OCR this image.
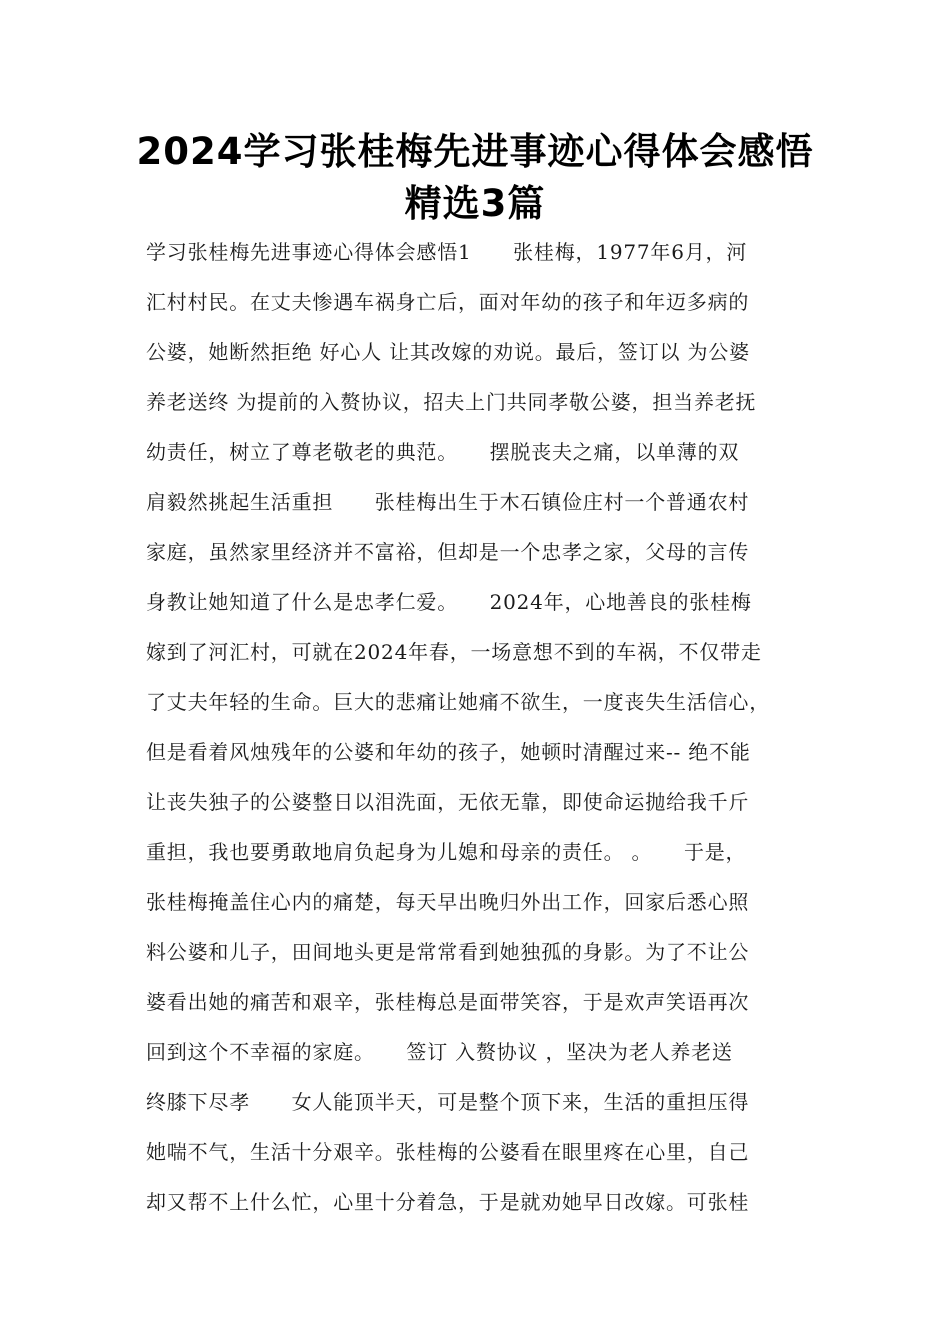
2024学习张桂梅先进事迹心得体会感悟
精选3篇
学习张桂梅先进事迹心得体会感悟1　　张桂梅，1977年6月，河
汇村村民。在丈夫惨遇车祸身亡后，面对年幼的孩子和年迈多病的
公婆，她断然拒绝 好心人 让其改嫁的劝说。最后，签订以 为公婆
养老送终 为提前的入赘协议，招夫上门共同孝敬公婆，担当养老抚
幼责任，树立了尊老敬老的典范。　　摆脱丧夫之痛，以单薄的双
肩毅然挑起生活重担　　张桂梅出生于木石镇俭庄村一个普通农村
家庭，虽然家里经济并不富裕，但却是一个忠孝之家，父母的言传
身教让她知道了什么是忠孝仁爱。　　2024年，心地善良的张桂梅
嫁到了河汇村，可就在2024年春，一场意想不到的车祸，不仅带走
了丈夫年轻的生命。巨大的悲痛让她痛不欲生，一度丧失生活信心，
但是看着风烛残年的公婆和年幼的孩子，她顿时清醒过来-- 绝不能
让丧失独子的公婆整日以泪洗面，无依无靠，即使命运抛给我千斤
重担，我也要勇敢地肩负起身为儿媳和母亲的责任。 。　　于是，
张桂梅掩盖住心内的痛楚，每天早出晚归外出工作，回家后悉心照
料公婆和儿子，田间地头更是常常看到她独孤的身影。为了不让公
婆看出她的痛苦和艰辛，张桂梅总是面带笑容，于是欢声笑语再次
回到这个不幸福的家庭。　　签订 入赘协议 ，坚决为老人养老送
终膝下尽孝　　女人能顶半天，可是整个顶下来，生活的重担压得
她喘不气，生活十分艰辛。张桂梅的公婆看在眼里疼在心里，自己
却又帮不上什么忙，心里十分着急，于是就劝她早日改嫁。可张桂
